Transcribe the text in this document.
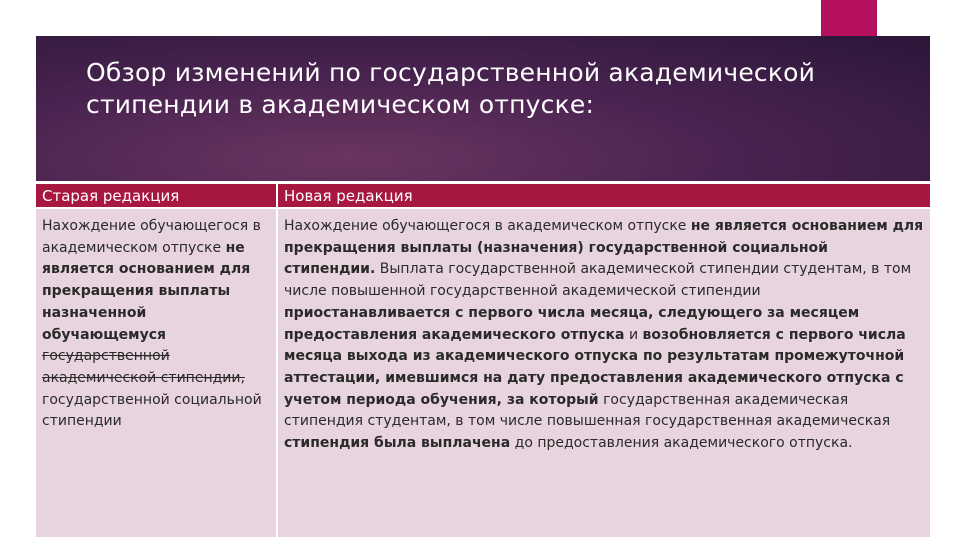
Обзор изменений по государственной академической стипендии в академическом отпуске:
Старая редакция	Новая редакция
Нахождение обучающегося в академическом отпуске не является основанием для прекращения выплаты назначенной обучающемуся государственной академической стипендии, государственной социальной стипендии	Нахождение обучающегося в академическом отпуске не является основанием для прекращения выплаты (назначения) государственной социальной стипендии. Выплата государственной академической стипендии студентам, в том числе повышенной государственной академической стипендии приостанавливается с первого числа месяца, следующего за месяцем предоставления академического отпуска и возобновляется с первого числа месяца выхода из академического отпуска по результатам промежуточной аттестации, имевшимся на дату предоставления академического отпуска с учетом периода обучения, за который государственная академическая стипендия студентам, в том числе повышенная государственная академическая стипендия была выплачена до предоставления академического отпуска.
